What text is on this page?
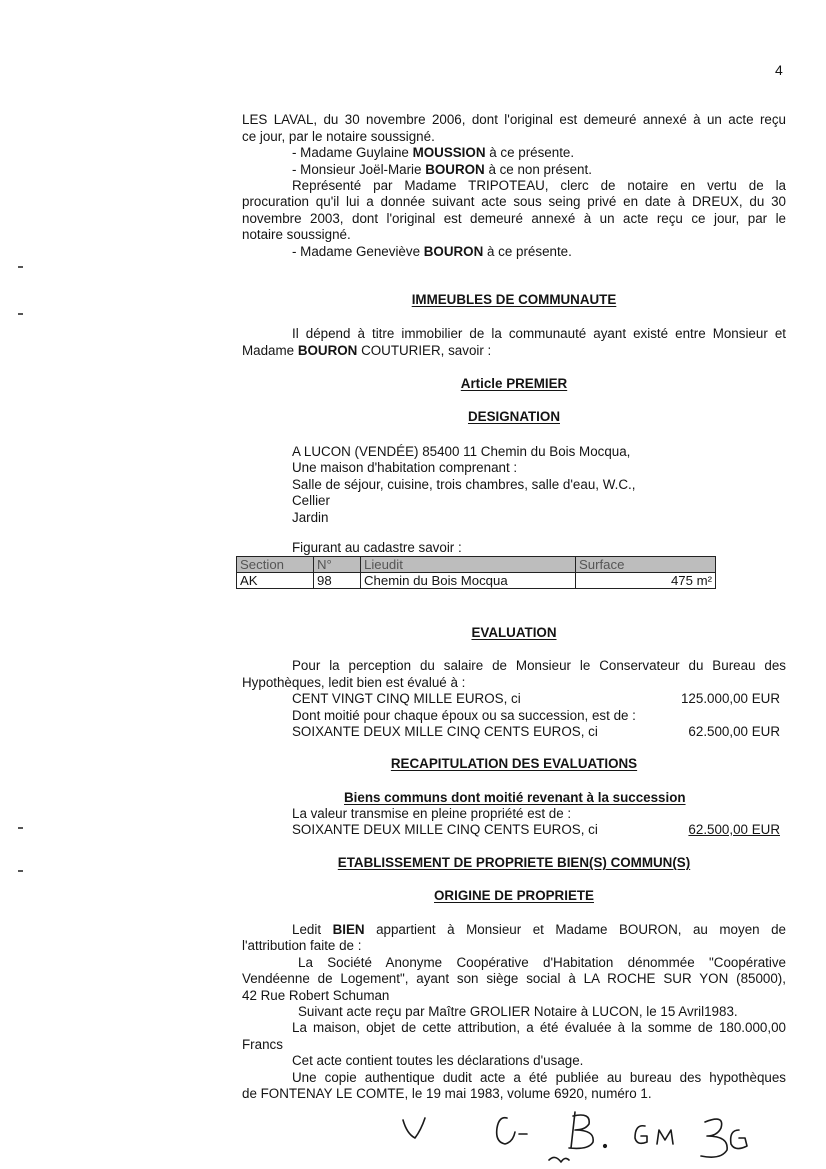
4
LES LAVAL, du 30 novembre 2006, dont l'original est demeuré annexé à un acte reçu
ce jour, par le notaire soussigné.
- Madame Guylaine MOUSSION à ce présente.
- Monsieur Joël-Marie BOURON à ce non présent.
Représenté par Madame TRIPOTEAU, clerc de notaire en vertu de la
procuration qu'il lui a donnée suivant acte sous seing privé en date à DREUX, du 30
novembre 2003, dont l'original est demeuré annexé à un acte reçu ce jour, par le
notaire soussigné.
- Madame Geneviève BOURON à ce présente.
IMMEUBLES DE COMMUNAUTE
Il dépend à titre immobilier de la communauté ayant existé entre Monsieur et
Madame BOURON COUTURIER, savoir :
Article PREMIER
DESIGNATION
A LUCON (VENDÉE) 85400 11 Chemin du Bois Mocqua,
Une maison d'habitation comprenant :
Salle de séjour, cuisine, trois chambres, salle d'eau, W.C.,
Cellier
Jardin
Figurant au cadastre savoir :
Section	N°	Lieudit	Surface
AK	98	Chemin du Bois Mocqua	475 m²
EVALUATION
Pour la perception du salaire de Monsieur le Conservateur du Bureau des
Hypothèques, ledit bien est évalué à :
CENT VINGT CINQ MILLE EUROS, ci	125.000,00 EUR
Dont moitié pour chaque époux ou sa succession, est de :
SOIXANTE DEUX MILLE CINQ CENTS EUROS, ci	62.500,00 EUR
RECAPITULATION DES EVALUATIONS
Biens communs dont moitié revenant à la succession
La valeur transmise en pleine propriété est de :
SOIXANTE DEUX MILLE CINQ CENTS EUROS, ci	62.500,00 EUR
ETABLISSEMENT DE PROPRIETE BIEN(S) COMMUN(S)
ORIGINE DE PROPRIETE
Ledit BIEN appartient à Monsieur et Madame BOURON, au moyen de
l'attribution faite de :
La Société Anonyme Coopérative d'Habitation dénommée "Coopérative
Vendéenne de Logement", ayant son siège social à LA ROCHE SUR YON (85000),
42 Rue Robert Schuman
Suivant acte reçu par Maître GROLIER Notaire à LUCON, le 15 Avril1983.
La maison, objet de cette attribution, a été évaluée à la somme de 180.000,00
Francs
Cet acte contient toutes les déclarations d'usage.
Une copie authentique dudit acte a été publiée au bureau des hypothèques
de FONTENAY LE COMTE, le 19 mai 1983, volume 6920, numéro 1.
